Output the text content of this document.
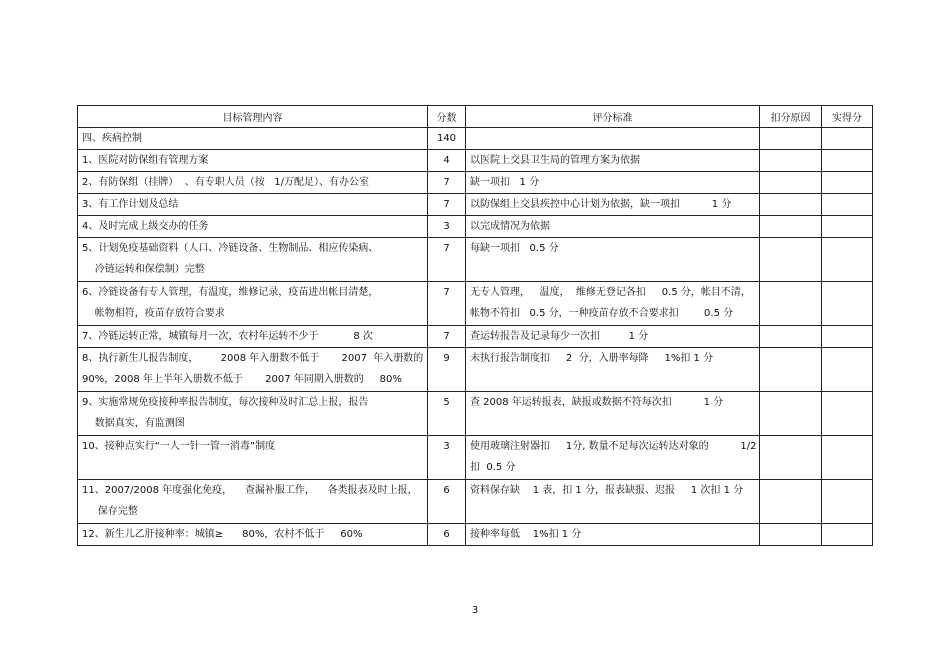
目标管理内容	分数	评分标准	扣分原因	实得分
四、疾病控制	140			
1、医院对防保组有管理方案	4	以医院上交县卫生局的管理方案为依据		
2、有防保组（挂牌）  、有专职人员（按   1/万配足）、有办公室	7	缺一项扣   1 分		
3、有工作计划及总结	7	以防保组上交县疾控中心计划为依据，缺一项扣          1 分		
4、及时完成上级交办的任务	3	以完成情况为依据		
5、计划免疫基础资料（人口、冷链设备、生物制品、相应传染病、
冷链运转和保偿制）完整	7	每缺一项扣   0.5 分		
6、冷链设备有专人管理，有温度，维修记录，疫苗进出帐目清楚，
帐物相符，疫苗存放符合要求	7	无专人管理，   温度，  维修无登记各扣     0.5 分，帐目不清，
帐物不符扣   0.5 分，一种疫苗存放不合要求扣        0.5 分		
7、冷链运转正常，城镇每月一次，农村年运转不少于           8 次	7	查运转报告及记录每少一次扣         1 分		
8、执行新生儿报告制度，       2008 年入册数不低于       2007  年入册数的
90%，2008 年上半年入册数不低于       2007 年同期入册数的     80%	9	未执行报告制度扣     2  分，入册率每降     1%扣 1 分		
9、实施常规免疫接种率报告制度，每次接种及时汇总上报，报告
数据真实，有监测图	5	查 2008 年运转报表，缺报或数据不符每次扣          1 分		
10、接种点实行“一人一针一管一消毒”制度	3	使用玻璃注射器扣     1分, 数量不足每次运转达对象的          1/2
扣  0.5 分		
11、2007/2008 年度强化免疫，    查漏补服工作，    各类报表及时上报，
保存完整	6	资料保存缺    1 表，扣 1 分，报表缺报、迟报     1 次扣 1 分		
12、新生儿乙肝接种率：城镇≥      80%，农村不低于     60%	6	接种率每低    1%扣 1 分		
3
